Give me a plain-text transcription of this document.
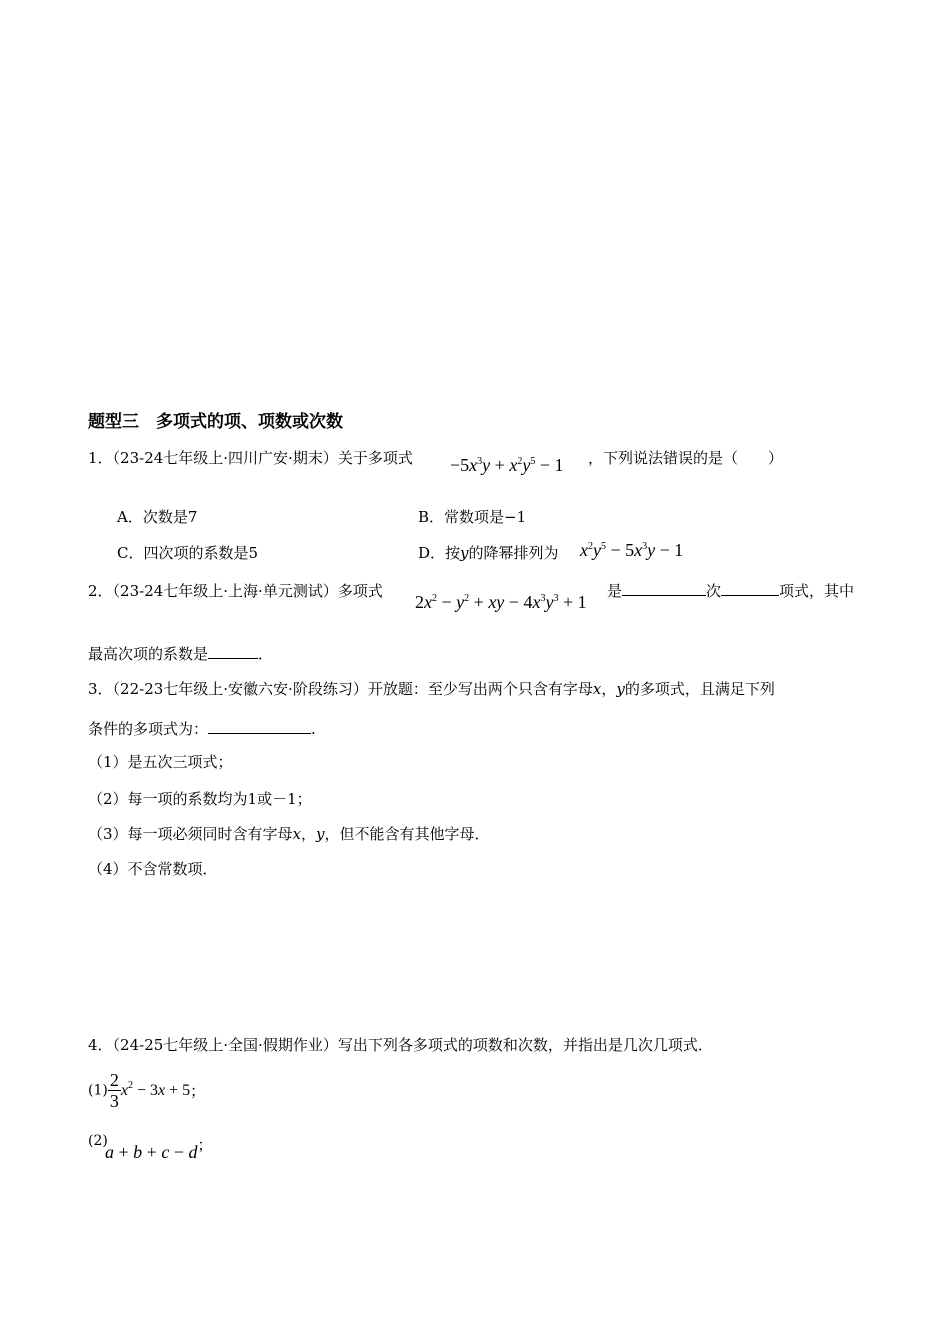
题型三　多项式的项、项数或次数
1．（23-24七年级上·四川广安·期末）关于多项式 $-5x^3y + x^2y^5 - 1$ ，下列说法错误的是（　　）
A．次数是7	B．常数项是−1
C．四次项的系数是5	D．按y的降幂排列为 $x^2y^5 - 5x^3y - 1$
2．（23-24七年级上·上海·单元测试）多项式
$2x^2 - y^2$ + xy − $4x^3y^3 + 1$
是	次	项式，其中
最高次项的系数是	．
3．（22-23七年级上·安徽六安·阶段练习）开放题：至少写出两个只含有字母x，y的多项式，且满足下列
条件的多项式为：	.
（1）是五次三项式；
（2）每一项的系数均为1或－1；
（3）每一项必须同时含有字母x，y，但不能含有其他字母．
（4）不含常数项．
4．（24-25七年级上·全国·假期作业）写出下列各多项式的项数和次数，并指出是几次几项式．
$(1) \frac{2}{3} x^2 - 3x + 5$；
(2)
a + b + c − d；
